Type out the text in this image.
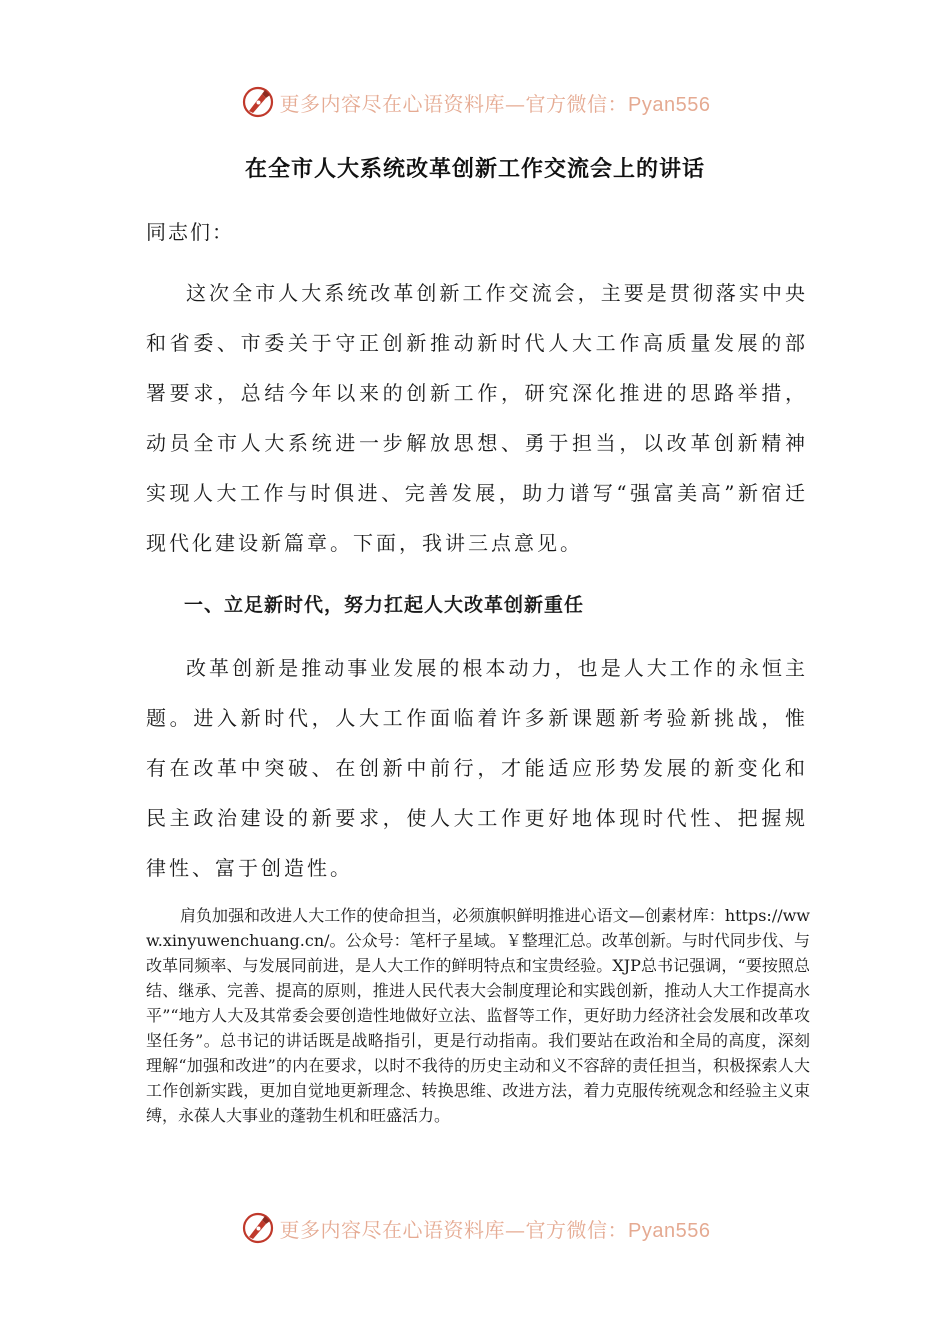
更多内容尽在心语资料库—官方微信：Pyan556
在全市人大系统改革创新工作交流会上的讲话

同志们：

这次全市人大系统改革创新工作交流会，主要是贯彻落实中央和省委、市委关于守正创新推动新时代人大工作高质量发展的部署要求，总结今年以来的创新工作，研究深化推进的思路举措，动员全市人大系统进一步解放思想、勇于担当，以改革创新精神实现人大工作与时俱进、完善发展，助力谱写“强富美高”新宿迁现代化建设新篇章。下面，我讲三点意见。

一、立足新时代，努力扛起人大改革创新重任

改革创新是推动事业发展的根本动力，也是人大工作的永恒主题。进入新时代，人大工作面临着许多新课题新考验新挑战，惟有在改革中突破、在创新中前行，才能适应形势发展的新变化和民主政治建设的新要求，使人大工作更好地体现时代性、把握规律性、富于创造性。

肩负加强和改进人大工作的使命担当，必须旗帜鲜明推进心语文—创素材库：https://www.xinyuwenchuang.cn/。公众号：笔杆子星域。￥整理汇总。改革创新。与时代同步伐、与改革同频率、与发展同前进，是人大工作的鲜明特点和宝贵经验。XJP总书记强调，“要按照总结、继承、完善、提高的原则，推进人民代表大会制度理论和实践创新，推动人大工作提高水平”“地方人大及其常委会要创造性地做好立法、监督等工作，更好助力经济社会发展和改革攻坚任务”。总书记的讲话既是战略指引，更是行动指南。我们要站在政治和全局的高度，深刻理解“加强和改进”的内在要求，以时不我待的历史主动和义不容辞的责任担当，积极探索人大工作创新实践，更加自觉地更新理念、转换思维、改进方法，着力克服传统观念和经验主义束缚，永葆人大事业的蓬勃生机和旺盛活力。

更多内容尽在心语资料库—官方微信：Pyan556
